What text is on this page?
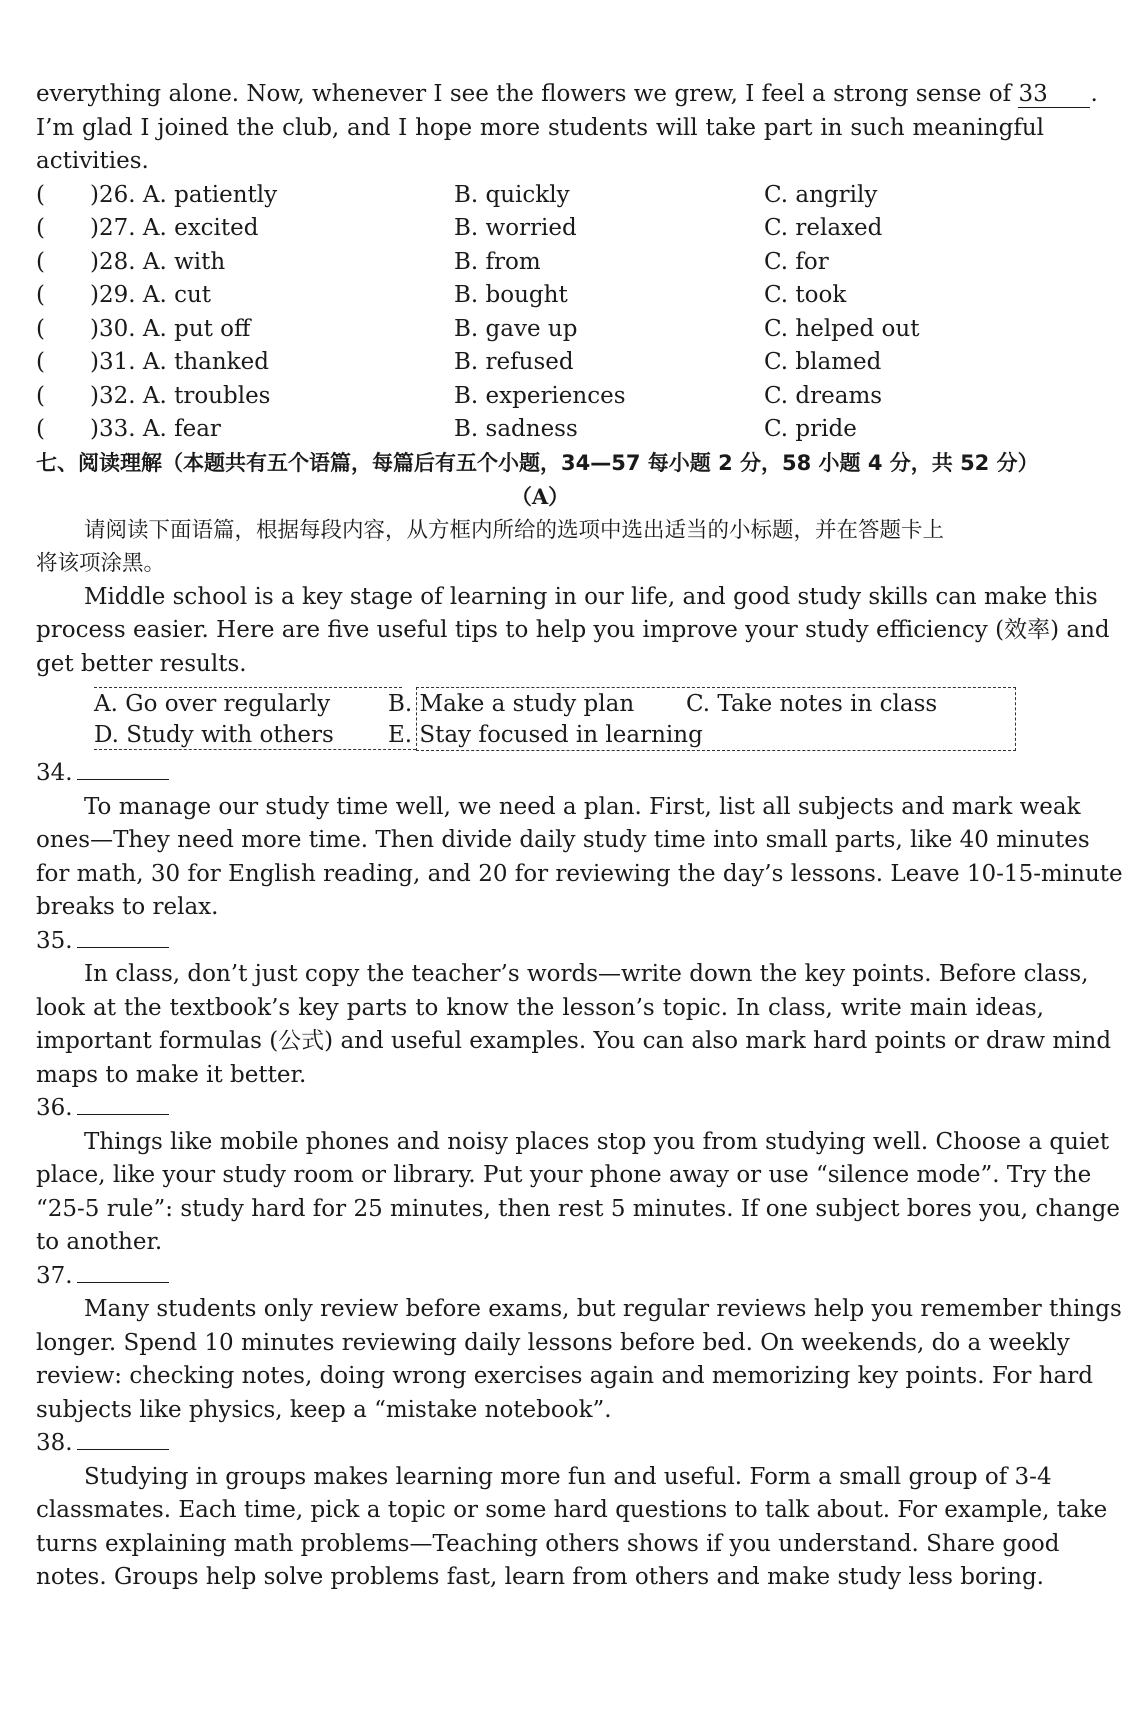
everything alone. Now, whenever I see the flowers we grew, I feel a strong sense of 33 .
I’m glad I joined the club, and I hope more students will take part in such meaningful
activities.
( )26. A. patiently	B. quickly	C. angrily
( )27. A. excited	B. worried	C. relaxed
( )28. A. with	B. from	C. for
( )29. A. cut	B. bought	C. took
( )30. A. put off	B. gave up	C. helped out
( )31. A. thanked	B. refused	C. blamed
( )32. A. troubles	B. experiences	C. dreams
( )33. A. fear	B. sadness	C. pride
七、阅读理解（本题共有五个语篇，每篇后有五个小题，34—57 每小题 2 分，58 小题 4 分，共 52 分）
（A）
请阅读下面语篇，根据每段内容，从方框内所给的选项中选出适当的小标题，并在答题卡上
将该项涂黑。
Middle school is a key stage of learning in our life, and good study skills can make this
process easier. Here are five useful tips to help you improve your study efficiency (效率) and
get better results.
A. Go over regularly	B. Make a study plan C. Take notes in class
D. Study with others E. Stay focused in learning
34.
To manage our study time well, we need a plan. First, list all subjects and mark weak
ones—They need more time. Then divide daily study time into small parts, like 40 minutes
for math, 30 for English reading, and 20 for reviewing the day’s lessons. Leave 10-15-minute
breaks to relax.
35.
In class, don’t just copy the teacher’s words—write down the key points. Before class,
look at the textbook’s key parts to know the lesson’s topic. In class, write main ideas,
important formulas (公式) and useful examples. You can also mark hard points or draw mind
maps to make it better.
36.
Things like mobile phones and noisy places stop you from studying well. Choose a quiet
place, like your study room or library. Put your phone away or use “silence mode”. Try the
“25-5 rule”: study hard for 25 minutes, then rest 5 minutes. If one subject bores you, change
to another.
37.
Many students only review before exams, but regular reviews help you remember things
longer. Spend 10 minutes reviewing daily lessons before bed. On weekends, do a weekly
review: checking notes, doing wrong exercises again and memorizing key points. For hard
subjects like physics, keep a “mistake notebook”.
38.
Studying in groups makes learning more fun and useful. Form a small group of 3-4
classmates. Each time, pick a topic or some hard questions to talk about. For example, take
turns explaining math problems—Teaching others shows if you understand. Share good
notes. Groups help solve problems fast, learn from others and make study less boring.
